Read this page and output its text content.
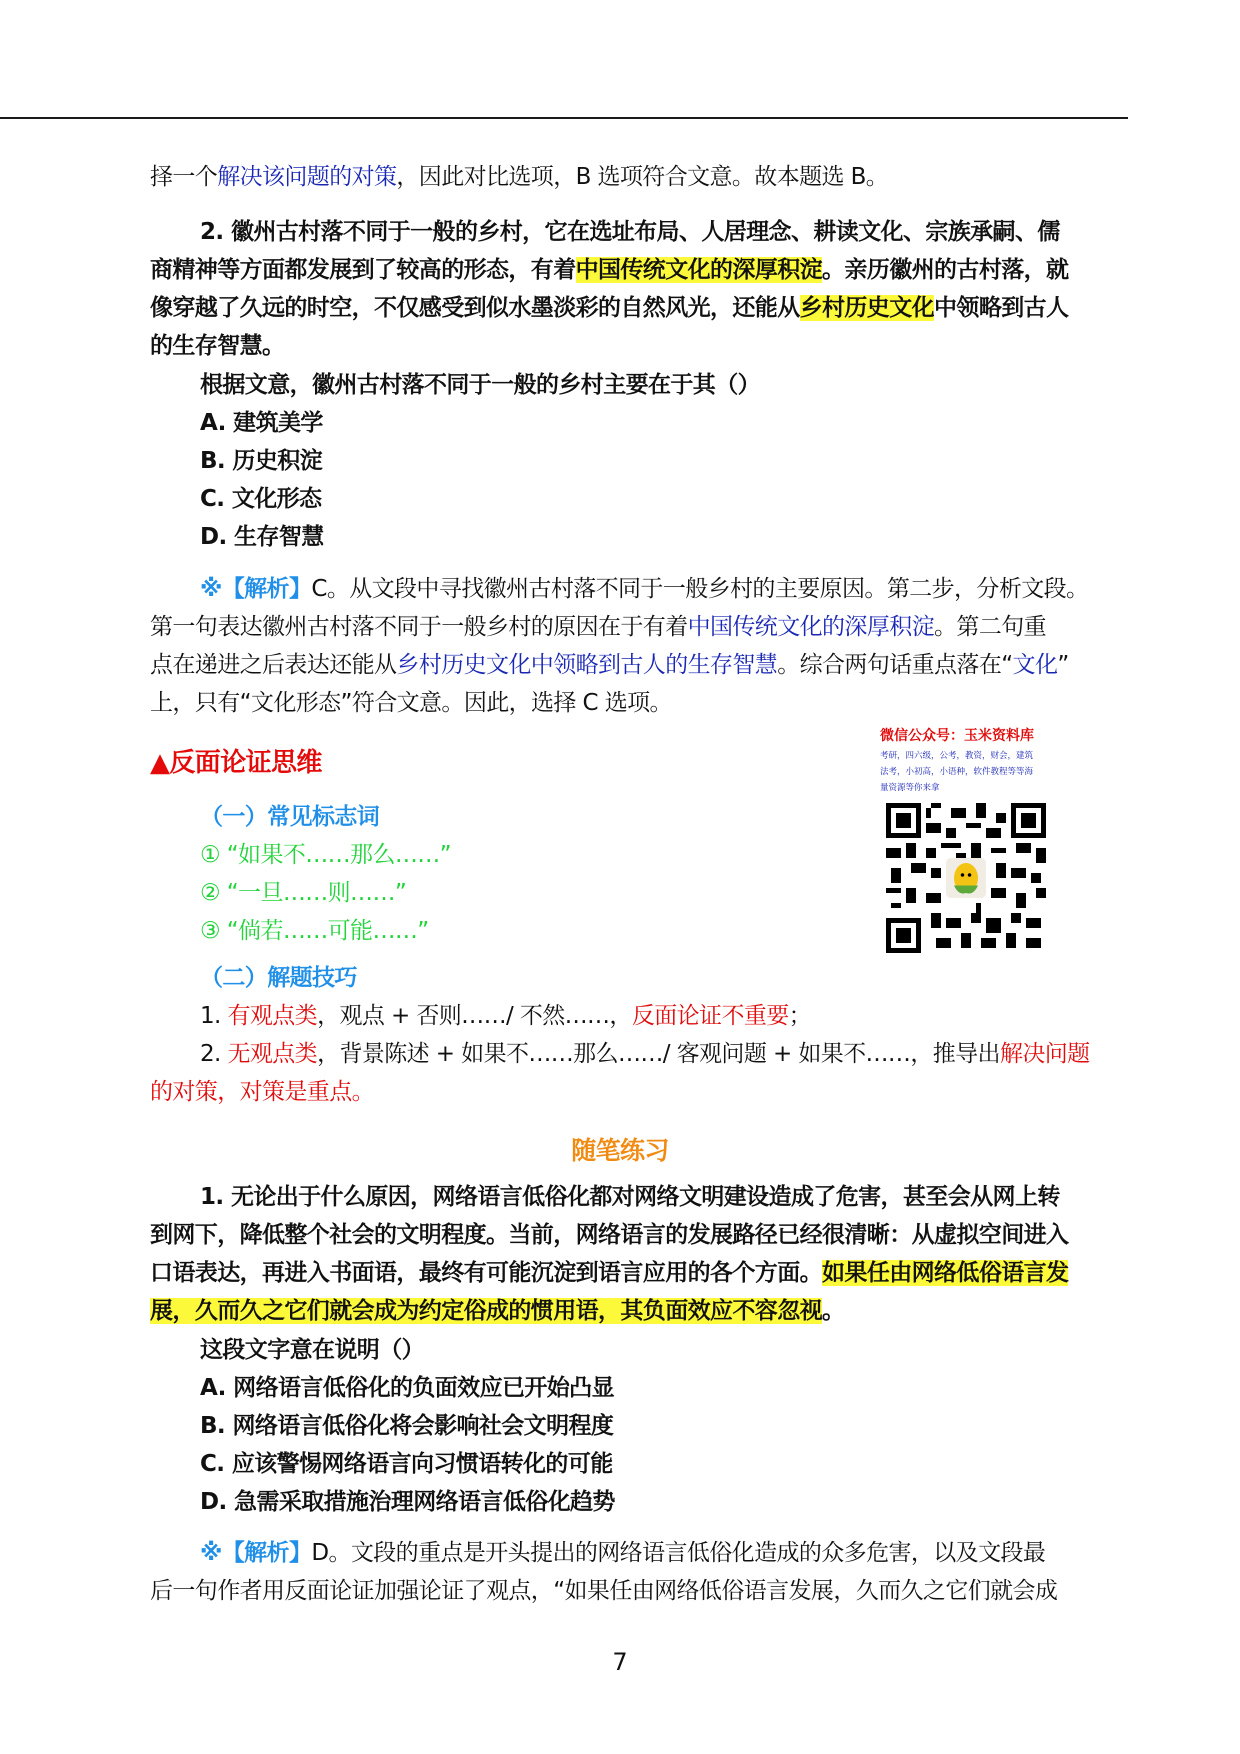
择一个解决该问题的对策，因此对比选项，B 选项符合文意。故本题选 B。
2. 徽州古村落不同于一般的乡村，它在选址布局、人居理念、耕读文化、宗族承嗣、儒
商精神等方面都发展到了较高的形态，有着中国传统文化的深厚积淀。亲历徽州的古村落，就
像穿越了久远的时空，不仅感受到似水墨淡彩的自然风光，还能从乡村历史文化中领略到古人
的生存智慧。
根据文意，徽州古村落不同于一般的乡村主要在于其（）
A. 建筑美学
B. 历史积淀
C. 文化形态
D. 生存智慧
※【解析】C。从文段中寻找徽州古村落不同于一般乡村的主要原因。第二步，分析文段。
第一句表达徽州古村落不同于一般乡村的原因在于有着中国传统文化的深厚积淀。第二句重
点在递进之后表达还能从乡村历史文化中领略到古人的生存智慧。综合两句话重点落在“文化”
上，只有“文化形态”符合文意。因此，选择 C 选项。
▲反面论证思维
（一）常见标志词
① “如果不……那么……”
② “一旦……则……”
③ “倘若……可能……”
（二）解题技巧
1. 有观点类，观点 + 否则……/ 不然……，反面论证不重要；
2. 无观点类，背景陈述 + 如果不……那么……/ 客观问题 + 如果不……，推导出解决问题
的对策，对策是重点。
微信公众号：玉米资料库
考研，四六级，公考，教资，财会，建筑
法考，小初高，小语种，软件教程等等海
量资源等你来拿
随笔练习
1. 无论出于什么原因，网络语言低俗化都对网络文明建设造成了危害，甚至会从网上转
到网下，降低整个社会的文明程度。当前，网络语言的发展路径已经很清晰：从虚拟空间进入
口语表达，再进入书面语，最终有可能沉淀到语言应用的各个方面。如果任由网络低俗语言发
展，久而久之它们就会成为约定俗成的惯用语，其负面效应不容忽视。
这段文字意在说明（）
A. 网络语言低俗化的负面效应已开始凸显
B. 网络语言低俗化将会影响社会文明程度
C. 应该警惕网络语言向习惯语转化的可能
D. 急需采取措施治理网络语言低俗化趋势
※【解析】D。文段的重点是开头提出的网络语言低俗化造成的众多危害，以及文段最
后一句作者用反面论证加强论证了观点，“如果任由网络低俗语言发展，久而久之它们就会成
7
